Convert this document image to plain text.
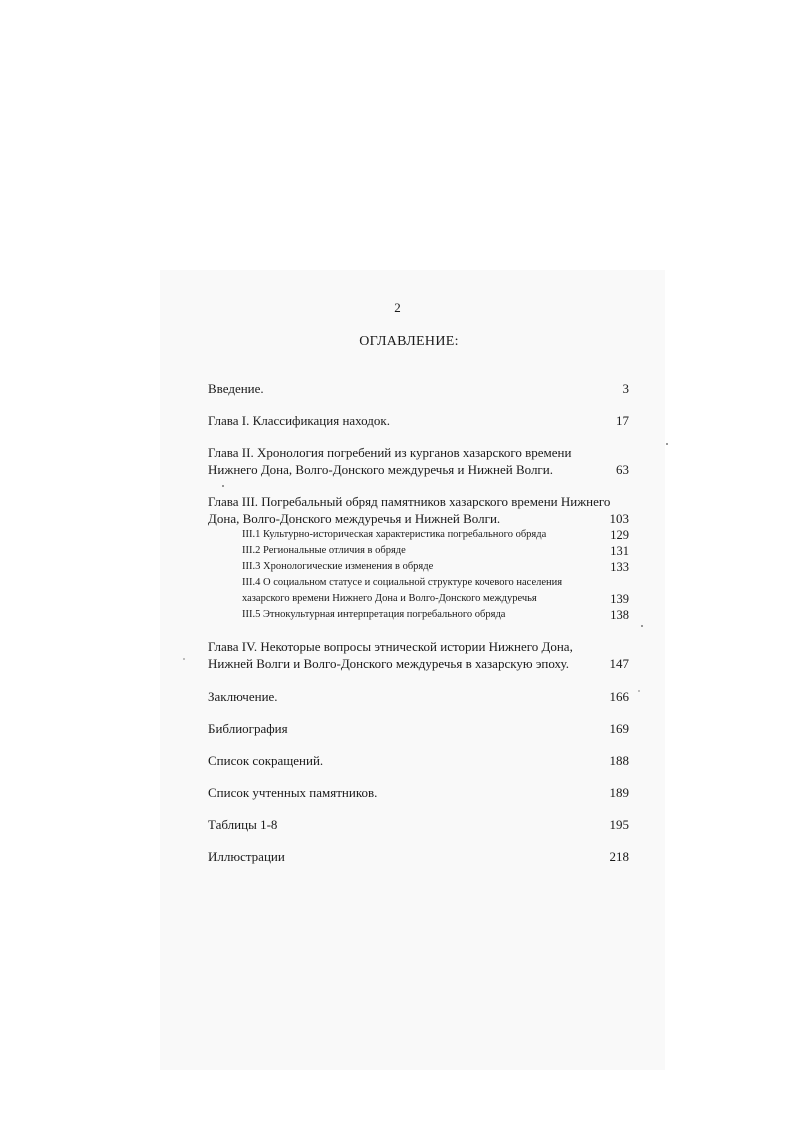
2
ОГЛАВЛЕНИЕ:
Введение.	3
Глава I. Классификация находок.	17
Глава II. Хронология погребений из курганов хазарского времени
Нижнего Дона, Волго-Донского междуречья и Нижней Волги.	63
Глава III. Погребальный обряд памятников хазарского времени Нижнего
Дона, Волго-Донского междуречья и Нижней Волги.	103
III.1 Культурно-историческая характеристика погребального обряда	129
III.2 Региональные отличия в обряде	131
III.3 Хронологические изменения в обряде	133
III.4 О социальном статусе и социальной структуре кочевого населения
хазарского времени Нижнего Дона и Волго-Донского междуречья	139
III.5 Этнокультурная интерпретация погребального обряда	138
Глава IV. Некоторые вопросы этнической истории Нижнего Дона,
Нижней Волги и Волго-Донского междуречья в хазарскую эпоху.	147
Заключение.	166
Библиография	169
Список сокращений.	188
Список учтенных памятников.	189
Таблицы 1-8	195
Иллюстрации	218
